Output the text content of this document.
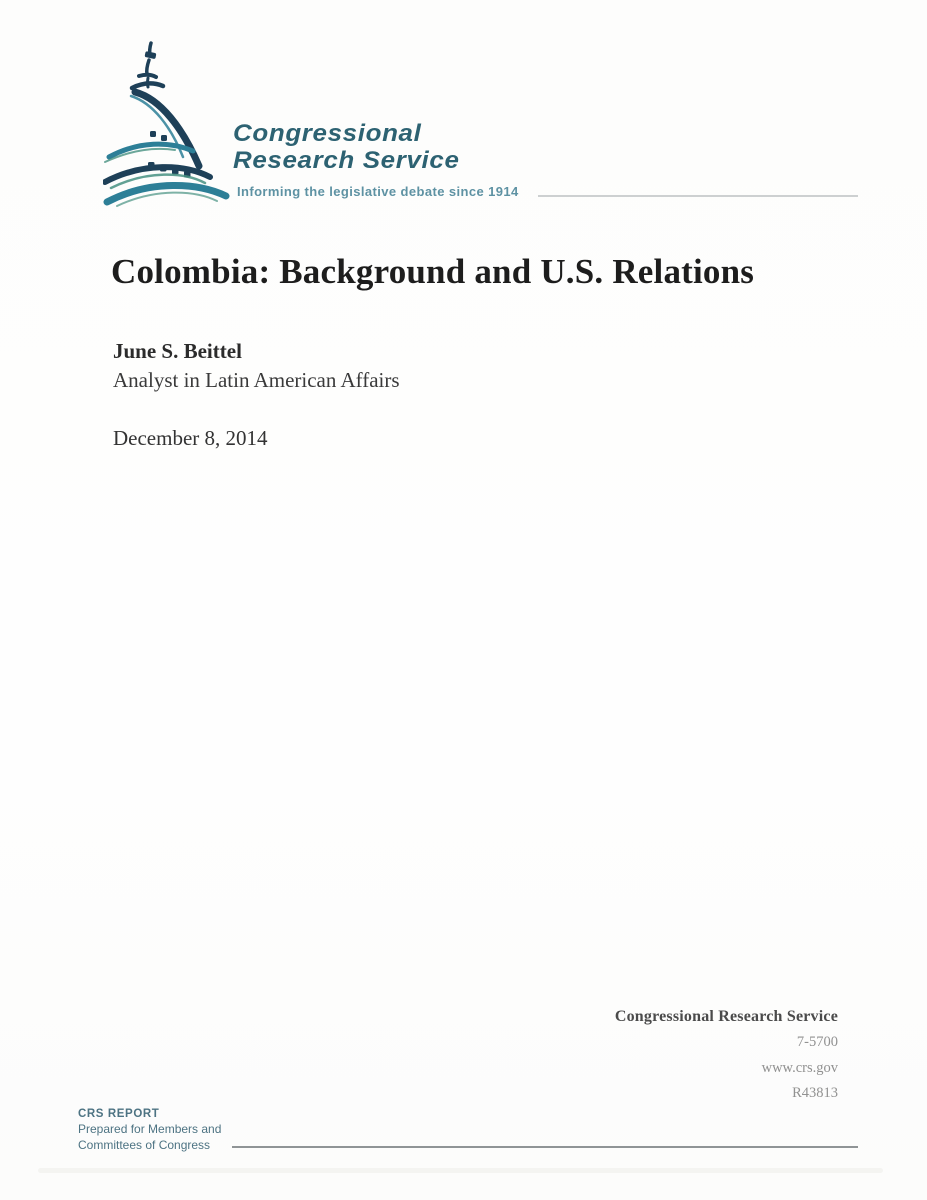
Congressional
Research Service
Informing the legislative debate since 1914
Colombia: Background and U.S. Relations
June S. Beittel
Analyst in Latin American Affairs
December 8, 2014
Congressional Research Service
7-5700
www.crs.gov
R43813
CRS REPORT
Prepared for Members and
Committees of Congress
